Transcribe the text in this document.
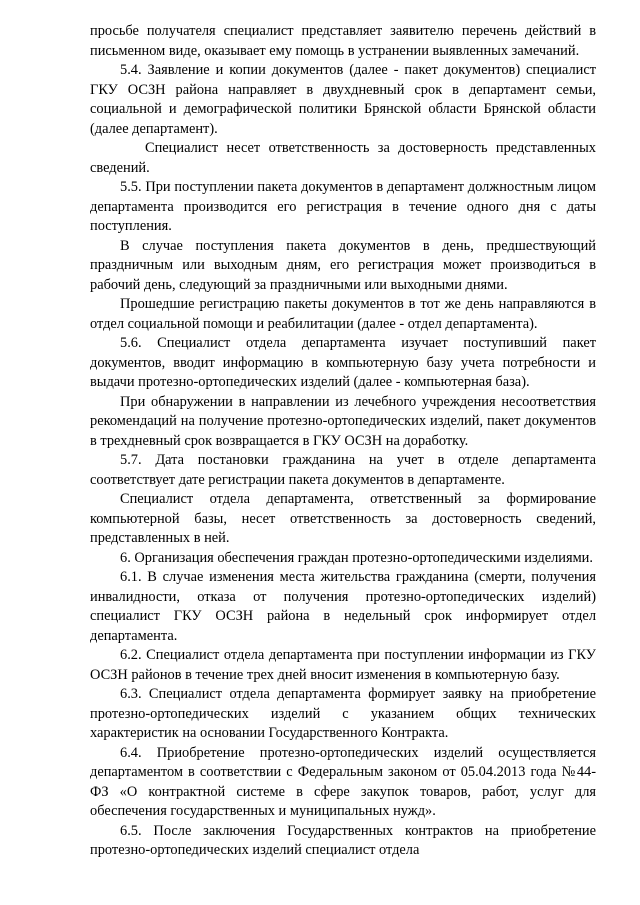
просьбе получателя специалист представляет заявителю перечень действий в письменном виде, оказывает ему помощь в устранении выявленных замечаний.

5.4. Заявление и копии документов (далее - пакет документов) специалист ГКУ ОСЗН района направляет в двухдневный срок в департамент семьи, социальной и демографической политики Брянской области Брянской области (далее департамент).

Специалист несет ответственность за достоверность представленных сведений.

5.5. При поступлении пакета документов в департамент должностным лицом департамента производится его регистрация в течение одного дня с даты поступления.

В случае поступления пакета документов в день, предшествующий праздничным или выходным дням, его регистрация может производиться в рабочий день, следующий за праздничными или выходными днями.

Прошедшие регистрацию пакеты документов в тот же день направляются в отдел социальной помощи и реабилитации (далее - отдел департамента).

5.6. Специалист отдела департамента изучает поступивший пакет документов, вводит информацию в компьютерную базу учета потребности и выдачи протезно-ортопедических изделий (далее - компьютерная база).

При обнаружении в направлении из лечебного учреждения несоответствия рекомендаций на получение протезно-ортопедических изделий, пакет документов в трехдневный срок возвращается в ГКУ ОСЗН на доработку.

5.7. Дата постановки гражданина на учет в отделе департамента соответствует дате регистрации пакета документов в департаменте.

Специалист отдела департамента, ответственный за формирование компьютерной базы, несет ответственность за достоверность сведений, представленных в ней.

6. Организация обеспечения граждан протезно-ортопедическими изделиями.

6.1. В случае изменения места жительства гражданина (смерти, получения инвалидности, отказа от получения протезно-ортопедических изделий) специалист ГКУ ОСЗН района в недельный срок информирует отдел департамента.

6.2. Специалист отдела департамента при поступлении информации из ГКУ ОСЗН районов в течение трех дней вносит изменения в компьютерную базу.

6.3. Специалист отдела департамента формирует заявку на приобретение протезно-ортопедических изделий с указанием общих технических характеристик на основании Государственного Контракта.

6.4. Приобретение протезно-ортопедических изделий осуществляется департаментом в соответствии с Федеральным законом от 05.04.2013 года №44-ФЗ «О контрактной системе в сфере закупок товаров, работ, услуг для обеспечения государственных и муниципальных нужд».

6.5. После заключения Государственных контрактов на приобретение протезно-ортопедических изделий специалист отдела
